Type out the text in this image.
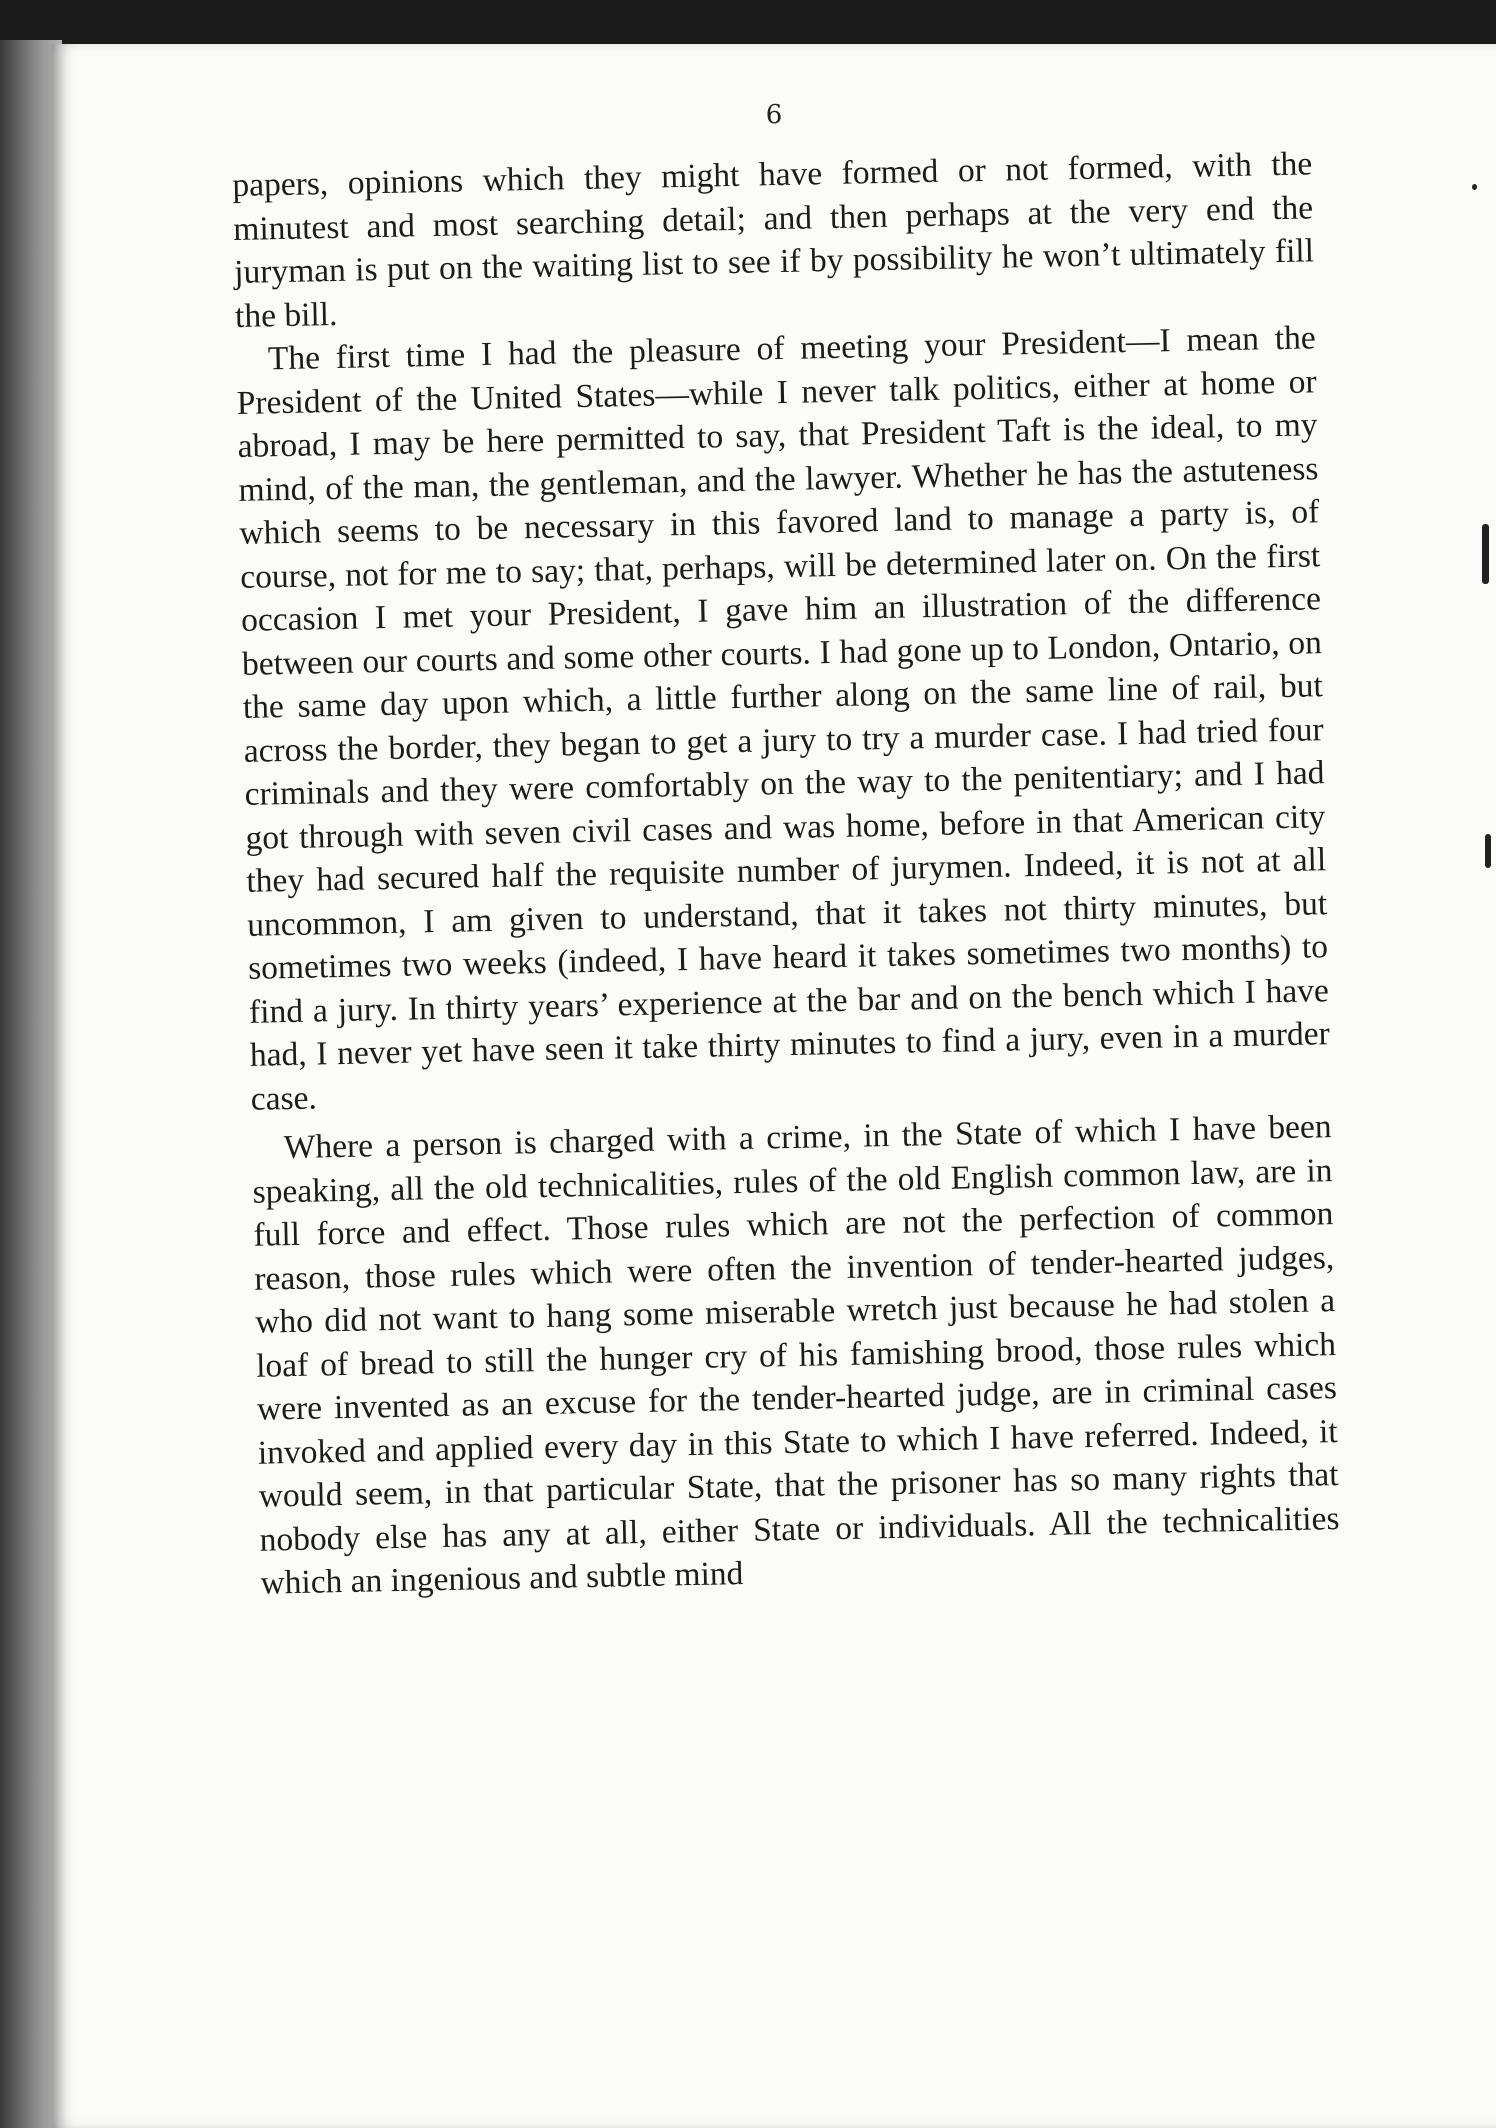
6

papers, opinions which they might have formed or not formed, with the minutest and most searching detail; and then perhaps at the very end the juryman is put on the waiting list to see if by possibility he won’t ultimately fill the bill.

The first time I had the pleasure of meeting your President—I mean the President of the United States—while I never talk politics, either at home or abroad, I may be here permitted to say, that President Taft is the ideal, to my mind, of the man, the gentleman, and the lawyer. Whether he has the astuteness which seems to be necessary in this favored land to manage a party is, of course, not for me to say; that, perhaps, will be determined later on. On the first occasion I met your President, I gave him an illustration of the difference between our courts and some other courts. I had gone up to London, Ontario, on the same day upon which, a little further along on the same line of rail, but across the border, they began to get a jury to try a murder case. I had tried four criminals and they were comfortably on the way to the penitentiary; and I had got through with seven civil cases and was home, before in that American city they had secured half the requisite number of jurymen. Indeed, it is not at all uncommon, I am given to understand, that it takes not thirty minutes, but sometimes two weeks (indeed, I have heard it takes sometimes two months) to find a jury. In thirty years’ experience at the bar and on the bench which I have had, I never yet have seen it take thirty minutes to find a jury, even in a murder case.

Where a person is charged with a crime, in the State of which I have been speaking, all the old technicalities, rules of the old English common law, are in full force and effect. Those rules which are not the perfection of common reason, those rules which were often the invention of tender-hearted judges, who did not want to hang some miserable wretch just because he had stolen a loaf of bread to still the hunger cry of his famishing brood, those rules which were invented as an excuse for the tender-hearted judge, are in criminal cases invoked and applied every day in this State to which I have referred. Indeed, it would seem, in that particular State, that the prisoner has so many rights that nobody else has any at all, either State or individuals. All the technicalities which an ingenious and subtle mind
